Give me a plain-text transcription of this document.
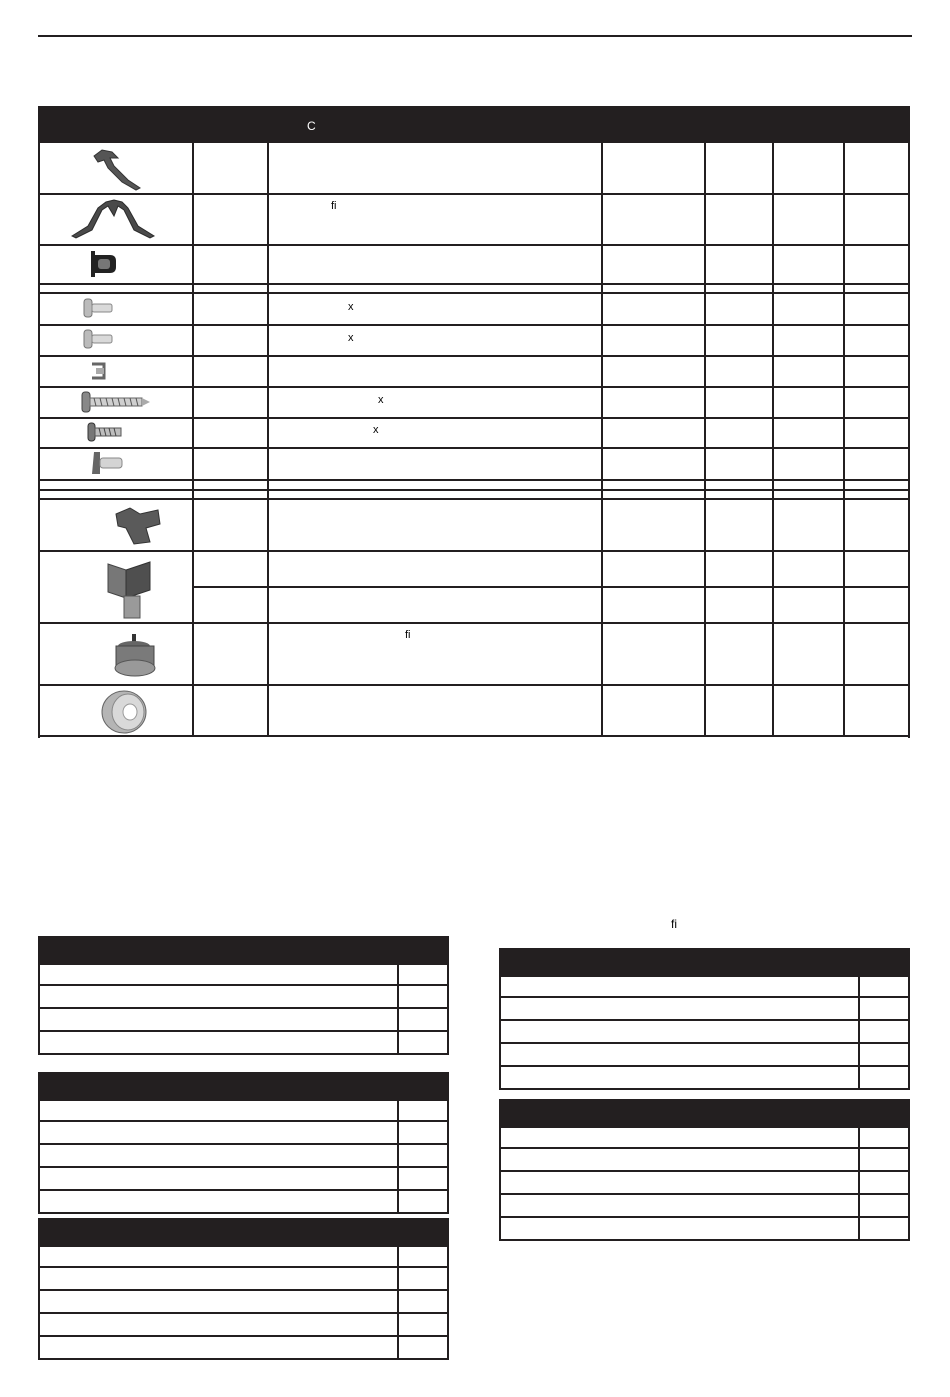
C
fi
x
x
x
x
fi
fi
